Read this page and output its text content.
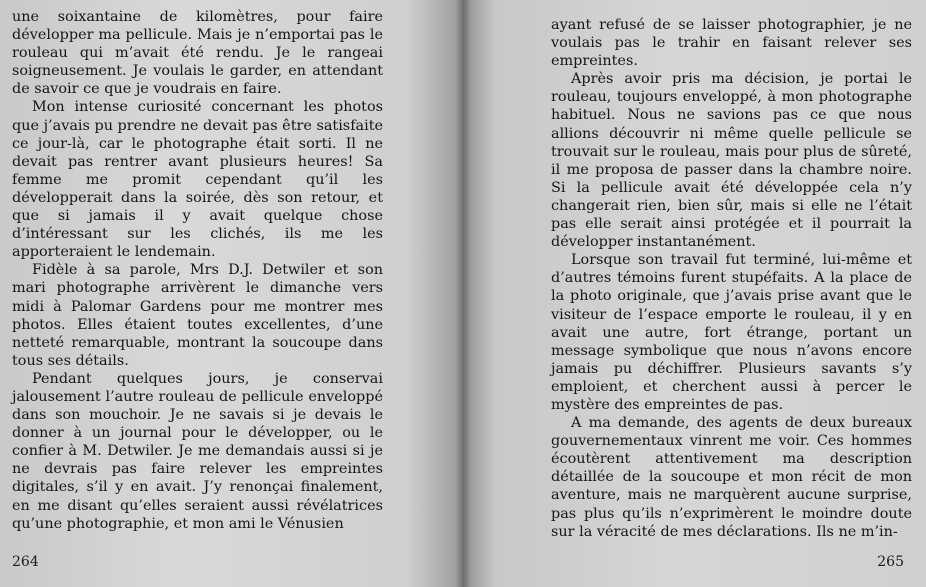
une soixantaine de kilomètres, pour faire développer ma pellicule. Mais je n’emportai pas le rouleau qui m’avait été rendu. Je le rangeai soigneusement. Je voulais le garder, en attendant de savoir ce que je voudrais en faire.

Mon intense curiosité concernant les photos que j’avais pu prendre ne devait pas être satisfaite ce jour-là, car le photographe était sorti. Il ne devait pas rentrer avant plusieurs heures! Sa femme me promit cependant qu’il les développerait dans la soirée, dès son retour, et que si jamais il y avait quelque chose d’intéressant sur les clichés, ils me les apporteraient le lendemain.

Fidèle à sa parole, Mrs D.J. Detwiler et son mari photographe arrivèrent le dimanche vers midi à Palomar Gardens pour me montrer mes photos. Elles étaient toutes excellentes, d’une netteté remarquable, montrant la soucoupe dans tous ses détails.

Pendant quelques jours, je conservai jalousement l’autre rouleau de pellicule enveloppé dans son mouchoir. Je ne savais si je devais le donner à un journal pour le développer, ou le confier à M. Detwiler. Je me demandais aussi si je ne devrais pas faire relever les empreintes digitales, s’il y en avait. J’y renonçai finalement, en me disant qu’elles seraient aussi révélatrices qu’une photographie, et mon ami le Vénusien

264

ayant refusé de se laisser photographier, je ne voulais pas le trahir en faisant relever ses empreintes.

Après avoir pris ma décision, je portai le rouleau, toujours enveloppé, à mon photographe habituel. Nous ne savions pas ce que nous allions découvrir ni même quelle pellicule se trouvait sur le rouleau, mais pour plus de sûreté, il me proposa de passer dans la chambre noire. Si la pellicule avait été développée cela n’y changerait rien, bien sûr, mais si elle ne l’était pas elle serait ainsi protégée et il pourrait la développer instantanément.

Lorsque son travail fut terminé, lui-même et d’autres témoins furent stupéfaits. A la place de la photo originale, que j’avais prise avant que le visiteur de l’espace emporte le rouleau, il y en avait une autre, fort étrange, portant un message symbolique que nous n’avons encore jamais pu déchiffrer. Plusieurs savants s’y emploient, et cherchent aussi à percer le mystère des empreintes de pas.

A ma demande, des agents de deux bureaux gouvernementaux vinrent me voir. Ces hommes écoutèrent attentivement ma description détaillée de la soucoupe et mon récit de mon aventure, mais ne marquèrent aucune surprise, pas plus qu’ils n’exprimèrent le moindre doute sur la véracité de mes déclarations. Ils ne m’in-

265
